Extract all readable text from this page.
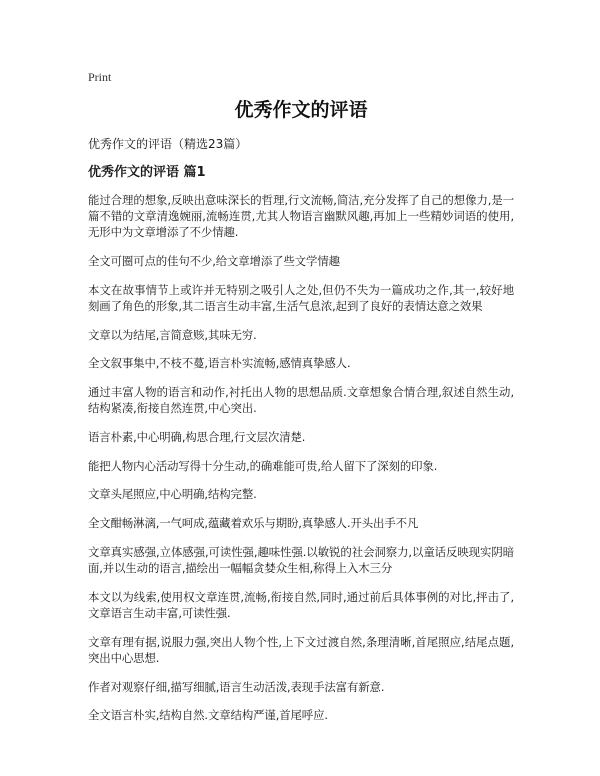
Print
优秀作文的评语
优秀作文的评语（精选23篇）
优秀作文的评语 篇1

能过合理的想象,反映出意味深长的哲理,行文流畅,简洁,充分发挥了自己的想像力,是一篇不错的文章清逸婉丽,流畅连贯,尤其人物语言幽默风趣,再加上一些精妙词语的使用,无形中为文章增添了不少情趣.

全文可圈可点的佳句不少,给文章增添了些文学情趣

本文在故事情节上或许并无特别之吸引人之处,但仍不失为一篇成功之作,其一,较好地刻画了角色的形象,其二语言生动丰富,生活气息浓,起到了良好的表情达意之效果

文章以为结尾,言简意赅,其味无穷.

全文叙事集中,不枝不蔓,语言朴实流畅,感情真挚感人.

通过丰富人物的语言和动作,衬托出人物的思想品质.文章想象合情合理,叙述自然生动,结构紧凑,衔接自然连贯,中心突出.

语言朴素,中心明确,构思合理,行文层次清楚.

能把人物内心活动写得十分生动,的确难能可贵,给人留下了深刻的印象.

文章头尾照应,中心明确,结构完整.

全文酣畅淋漓,一气呵成,蕴藏着欢乐与期盼,真挚感人.开头出手不凡

文章真实感强,立体感强,可读性强,趣味性强.以敏锐的社会洞察力,以童话反映现实阴暗面,并以生动的语言,描绘出一幅幅贪婪众生相,称得上入木三分

本文以为线索,使用权文章连贯,流畅,衔接自然,同时,通过前后具体事例的对比,抨击了,文章语言生动丰富,可读性强.

文章有理有据,说服力强,突出人物个性,上下文过渡自然,条理清晰,首尾照应,结尾点题,突出中心思想.

作者对观察仔细,描写细腻,语言生动活泼,表现手法富有新意.

全文语言朴实,结构自然.文章结构严谨,首尾呼应.
